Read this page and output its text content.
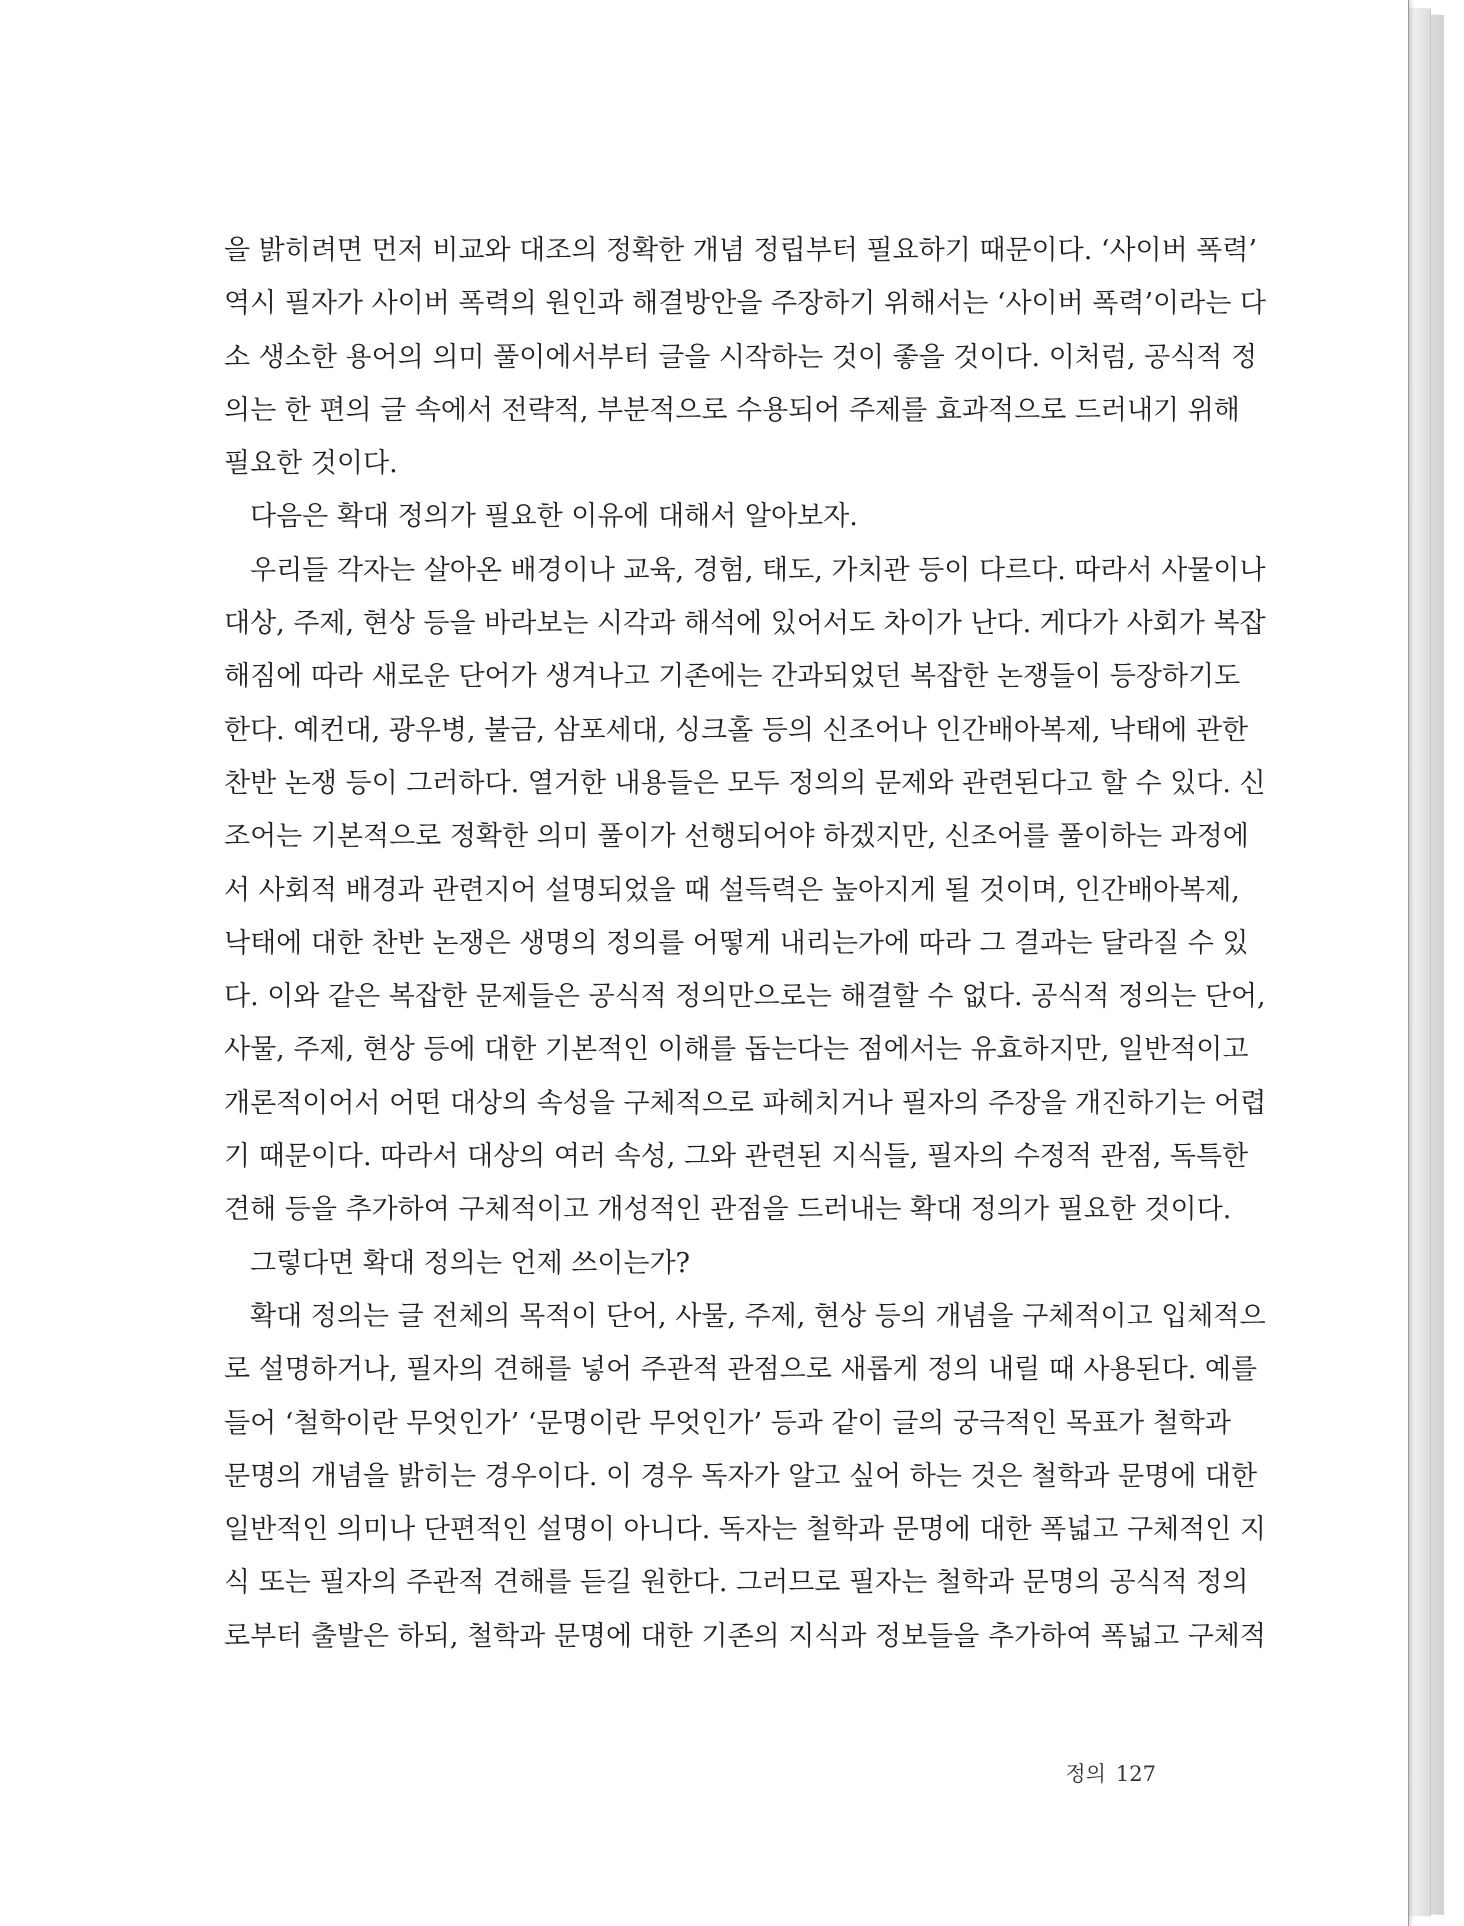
을 밝히려면 먼저 비교와 대조의 정확한 개념 정립부터 필요하기 때문이다. ‘사이버 폭력’
역시 필자가 사이버 폭력의 원인과 해결방안을 주장하기 위해서는 ‘사이버 폭력’이라는 다
소 생소한 용어의 의미 풀이에서부터 글을 시작하는 것이 좋을 것이다. 이처럼, 공식적 정
의는 한 편의 글 속에서 전략적, 부분적으로 수용되어 주제를 효과적으로 드러내기 위해
필요한 것이다.
다음은 확대 정의가 필요한 이유에 대해서 알아보자.
우리들 각자는 살아온 배경이나 교육, 경험, 태도, 가치관 등이 다르다. 따라서 사물이나
대상, 주제, 현상 등을 바라보는 시각과 해석에 있어서도 차이가 난다. 게다가 사회가 복잡
해짐에 따라 새로운 단어가 생겨나고 기존에는 간과되었던 복잡한 논쟁들이 등장하기도
한다. 예컨대, 광우병, 불금, 삼포세대, 싱크홀 등의 신조어나 인간배아복제, 낙태에 관한
찬반 논쟁 등이 그러하다. 열거한 내용들은 모두 정의의 문제와 관련된다고 할 수 있다. 신
조어는 기본적으로 정확한 의미 풀이가 선행되어야 하겠지만, 신조어를 풀이하는 과정에
서 사회적 배경과 관련지어 설명되었을 때 설득력은 높아지게 될 것이며, 인간배아복제,
낙태에 대한 찬반 논쟁은 생명의 정의를 어떻게 내리는가에 따라 그 결과는 달라질 수 있
다. 이와 같은 복잡한 문제들은 공식적 정의만으로는 해결할 수 없다. 공식적 정의는 단어,
사물, 주제, 현상 등에 대한 기본적인 이해를 돕는다는 점에서는 유효하지만, 일반적이고
개론적이어서 어떤 대상의 속성을 구체적으로 파헤치거나 필자의 주장을 개진하기는 어렵
기 때문이다. 따라서 대상의 여러 속성, 그와 관련된 지식들, 필자의 수정적 관점, 독특한
견해 등을 추가하여 구체적이고 개성적인 관점을 드러내는 확대 정의가 필요한 것이다.
그렇다면 확대 정의는 언제 쓰이는가?
확대 정의는 글 전체의 목적이 단어, 사물, 주제, 현상 등의 개념을 구체적이고 입체적으
로 설명하거나, 필자의 견해를 넣어 주관적 관점으로 새롭게 정의 내릴 때 사용된다. 예를
들어 ‘철학이란 무엇인가’ ‘문명이란 무엇인가’ 등과 같이 글의 궁극적인 목표가 철학과
문명의 개념을 밝히는 경우이다. 이 경우 독자가 알고 싶어 하는 것은 철학과 문명에 대한
일반적인 의미나 단편적인 설명이 아니다. 독자는 철학과 문명에 대한 폭넓고 구체적인 지
식 또는 필자의 주관적 견해를 듣길 원한다. 그러므로 필자는 철학과 문명의 공식적 정의
로부터 출발은 하되, 철학과 문명에 대한 기존의 지식과 정보들을 추가하여 폭넓고 구체적
정의 127
